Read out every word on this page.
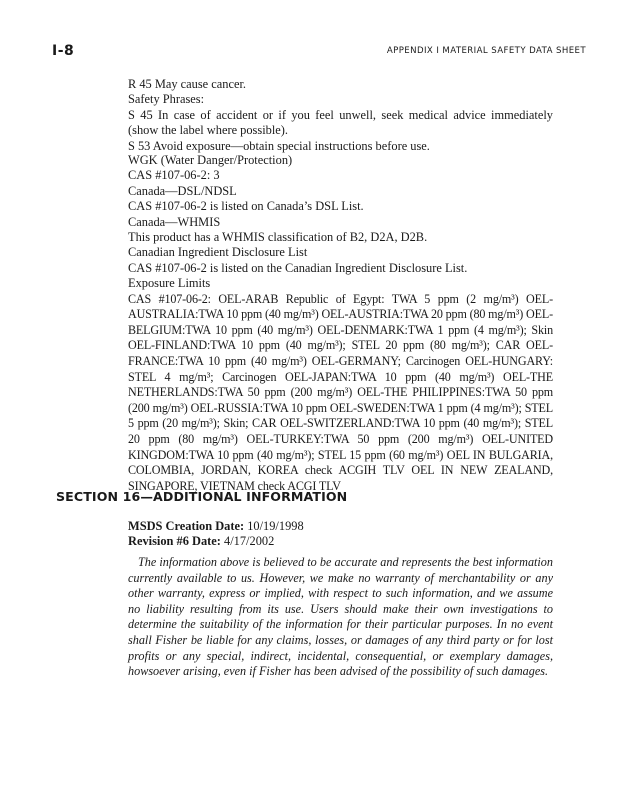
I-8	APPENDIX I MATERIAL SAFETY DATA SHEET
R 45 May cause cancer.
Safety Phrases:
S 45 In case of accident or if you feel unwell, seek medical advice immediately (show the label where possible).
S 53 Avoid exposure—obtain special instructions before use.
WGK (Water Danger/Protection)
CAS #107-06-2: 3
Canada—DSL/NDSL
CAS #107-06-2 is listed on Canada’s DSL List.
Canada—WHMIS
This product has a WHMIS classification of B2, D2A, D2B.
Canadian Ingredient Disclosure List
CAS #107-06-2 is listed on the Canadian Ingredient Disclosure List.
Exposure Limits
CAS #107-06-2: OEL-ARAB Republic of Egypt: TWA 5 ppm (2 mg/m³) OEL-AUSTRALIA:TWA 10 ppm (40 mg/m³) OEL-AUSTRIA:TWA 20 ppm (80 mg/m³) OEL-BELGIUM:TWA 10 ppm (40 mg/m³) OEL-DENMARK:TWA 1 ppm (4 mg/m³); Skin OEL-FINLAND:TWA 10 ppm (40 mg/m³); STEL 20 ppm (80 mg/m³); CAR OEL-FRANCE:TWA 10 ppm (40 mg/m³) OEL-GERMANY; Carcinogen OEL-HUNGARY: STEL 4 mg/m³; Carcinogen OEL-JAPAN:TWA 10 ppm (40 mg/m³) OEL-THE NETHERLANDS:TWA 50 ppm (200 mg/m³) OEL-THE PHILIPPINES:TWA 50 ppm (200 mg/m³) OEL-RUSSIA:TWA 10 ppm OEL-SWEDEN:TWA 1 ppm (4 mg/m³); STEL 5 ppm (20 mg/m³); Skin; CAR OEL-SWITZERLAND:TWA 10 ppm (40 mg/m³); STEL 20 ppm (80 mg/m³) OEL-TURKEY:TWA 50 ppm (200 mg/m³) OEL-UNITED KINGDOM:TWA 10 ppm (40 mg/m³); STEL 15 ppm (60 mg/m³) OEL IN BULGARIA, COLOMBIA, JORDAN, KOREA check ACGIH TLV OEL IN NEW ZEALAND, SINGAPORE, VIETNAM check ACGI TLV
SECTION 16—ADDITIONAL INFORMATION
MSDS Creation Date: 10/19/1998
Revision #6 Date: 4/17/2002
The information above is believed to be accurate and represents the best information currently available to us. However, we make no warranty of merchantability or any other warranty, express or implied, with respect to such information, and we assume no liability resulting from its use. Users should make their own investigations to determine the suitability of the information for their particular purposes. In no event shall Fisher be liable for any claims, losses, or damages of any third party or for lost profits or any special, indirect, incidental, consequential, or exemplary damages, howsoever arising, even if Fisher has been advised of the possibility of such damages.
